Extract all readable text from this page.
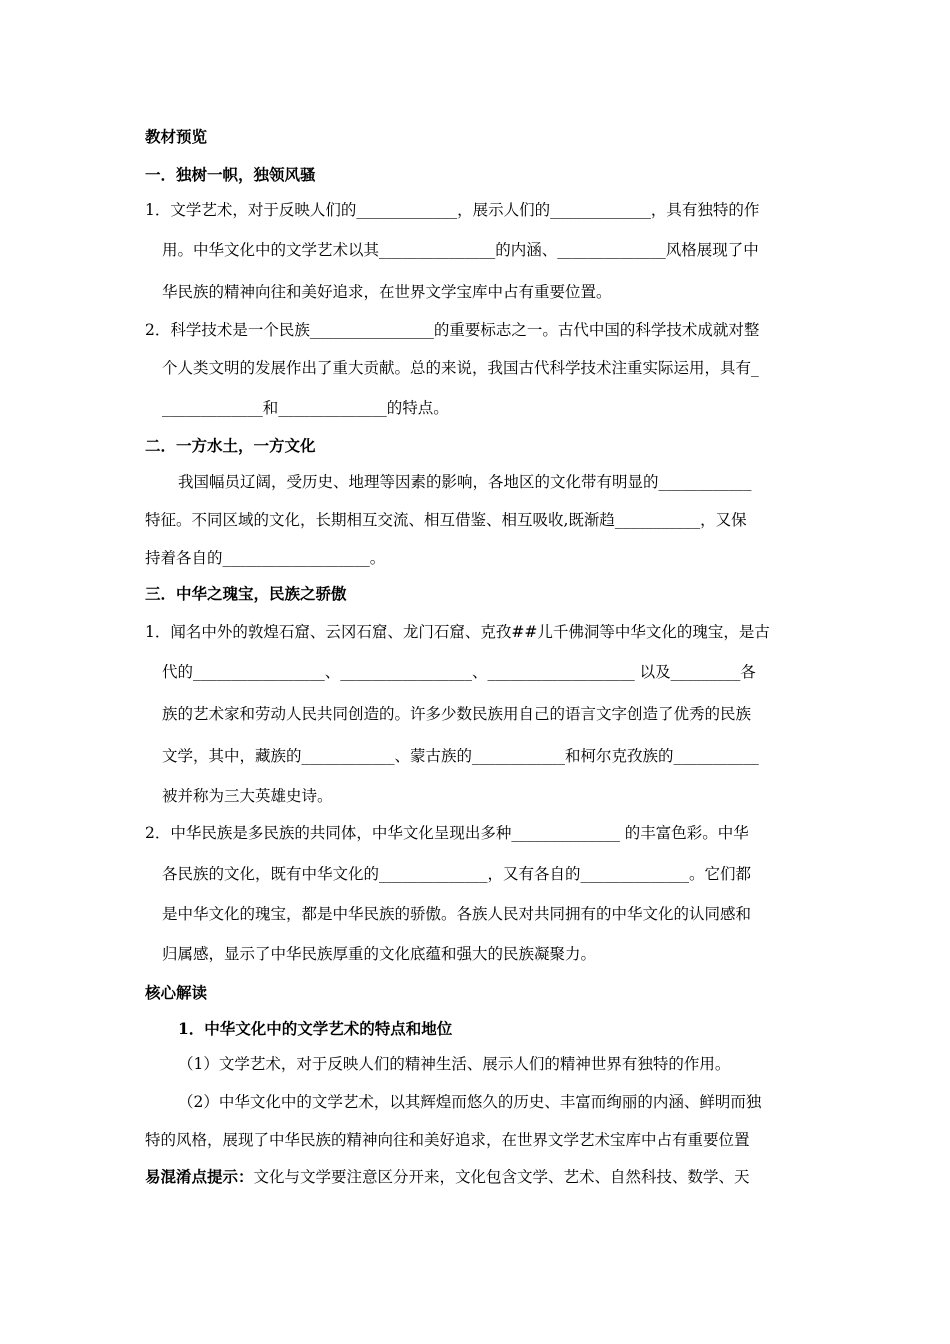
教材预览
一．独树一帜，独领风骚
1．文学艺术，对于反映人们的_____________，展示人们的_____________，具有独特的作
用。中华文化中的文学艺术以其_______________的内涵、______________风格展现了中
华民族的精神向往和美好追求，在世界文学宝库中占有重要位置。
2．科学技术是一个民族________________的重要标志之一。古代中国的科学技术成就对整
个人类文明的发展作出了重大贡献。总的来说，我国古代科学技术注重实际运用，具有_
_____________和______________的特点。
二．一方水土，一方文化
我国幅员辽阔，受历史、地理等因素的影响，各地区的文化带有明显的____________
特征。不同区域的文化，长期相互交流、相互借鉴、相互吸收,既渐趋___________，又保
持着各自的___________________。
三．中华之瑰宝，民族之骄傲
1．闻名中外的敦煌石窟、云冈石窟、龙门石窟、克孜##儿千佛洞等中华文化的瑰宝，是古
代的_________________、_________________、___________________ 以及_________各
族的艺术家和劳动人民共同创造的。许多少数民族用自己的语言文字创造了优秀的民族
文学，其中，藏族的____________、蒙古族的____________和柯尔克孜族的___________
被并称为三大英雄史诗。
2．中华民族是多民族的共同体，中华文化呈现出多种______________ 的丰富色彩。中华
各民族的文化，既有中华文化的______________，又有各自的______________。它们都
是中华文化的瑰宝，都是中华民族的骄傲。各族人民对共同拥有的中华文化的认同感和
归属感，显示了中华民族厚重的文化底蕴和强大的民族凝聚力。
核心解读
1．中华文化中的文学艺术的特点和地位
（1）文学艺术，对于反映人们的精神生活、展示人们的精神世界有独特的作用。
（2）中华文化中的文学艺术，以其辉煌而悠久的历史、丰富而绚丽的内涵、鲜明而独
特的风格，展现了中华民族的精神向往和美好追求，在世界文学艺术宝库中占有重要位置
易混淆点提示：文化与文学要注意区分开来，文化包含文学、艺术、自然科技、数学、天
